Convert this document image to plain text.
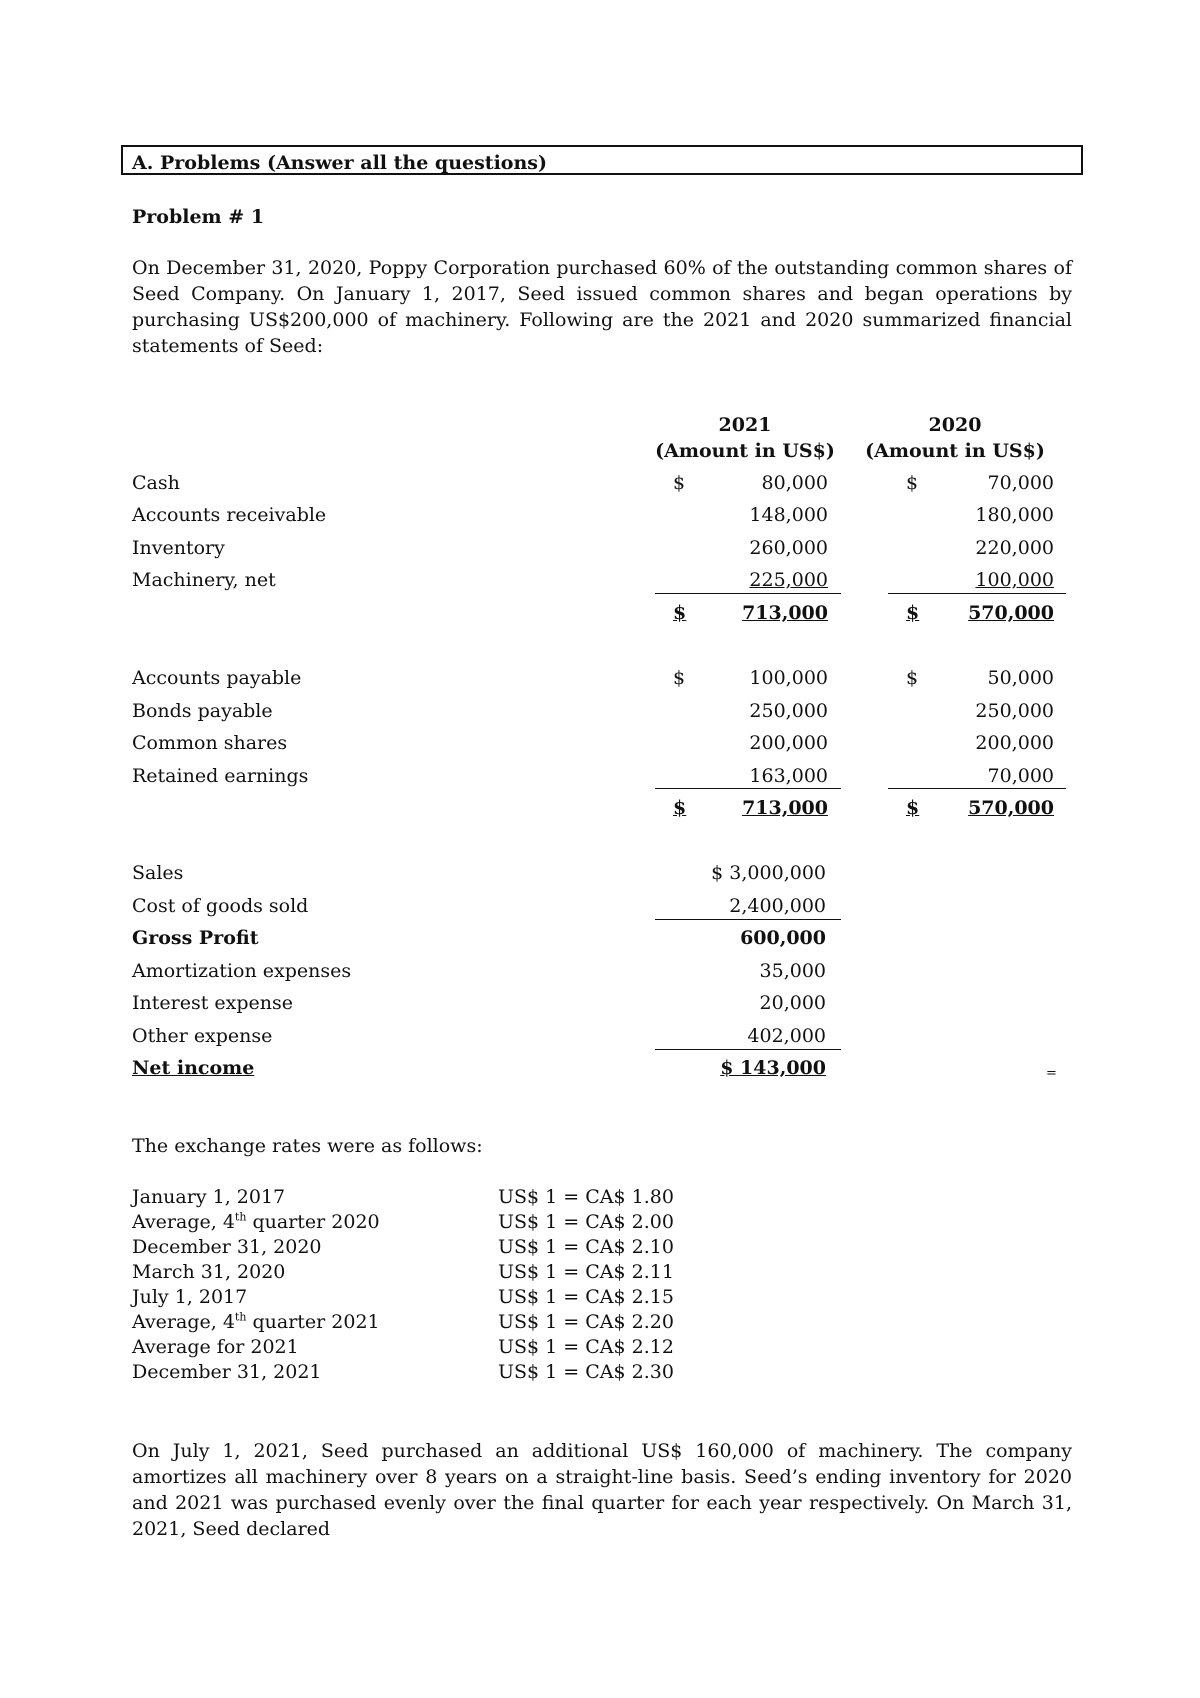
A. Problems (Answer all the questions)
Problem # 1
On December 31, 2020, Poppy Corporation purchased 60% of the outstanding common shares of Seed Company. On January 1, 2017, Seed issued common shares and began operations by purchasing US$200,000 of machinery. Following are the 2021 and 2020 summarized financial statements of Seed:
2021	2020
(Amount in US$)	(Amount in US$)
Cash	$	80,000	$	70,000
Accounts receivable	148,000	180,000
Inventory	260,000	220,000
Machinery, net	225,000	100,000
$	713,000	$	570,000
Accounts payable	$	100,000	$	50,000
Bonds payable	250,000	250,000
Common shares	200,000	200,000
Retained earnings	163,000	70,000
$	713,000	$	570,000
Sales	$ 3,000,000
Cost of goods sold	2,400,000
Gross Profit	600,000
Amortization expenses	35,000
Interest expense	20,000
Other expense	402,000
Net income	$ 143,000	=
The exchange rates were as follows:
January 1, 2017	US$ 1 = CA$ 1.80
Average, 4th quarter 2020	US$ 1 = CA$ 2.00
December 31, 2020	US$ 1 = CA$ 2.10
March 31, 2020	US$ 1 = CA$ 2.11
July 1, 2017	US$ 1 = CA$ 2.15
Average, 4th quarter 2021	US$ 1 = CA$ 2.20
Average for 2021	US$ 1 = CA$ 2.12
December 31, 2021	US$ 1 = CA$ 2.30
On July 1, 2021, Seed purchased an additional US$ 160,000 of machinery. The company amortizes all machinery over 8 years on a straight-line basis. Seed’s ending inventory for 2020 and 2021 was purchased evenly over the final quarter for each year respectively. On March 31, 2021, Seed declared
